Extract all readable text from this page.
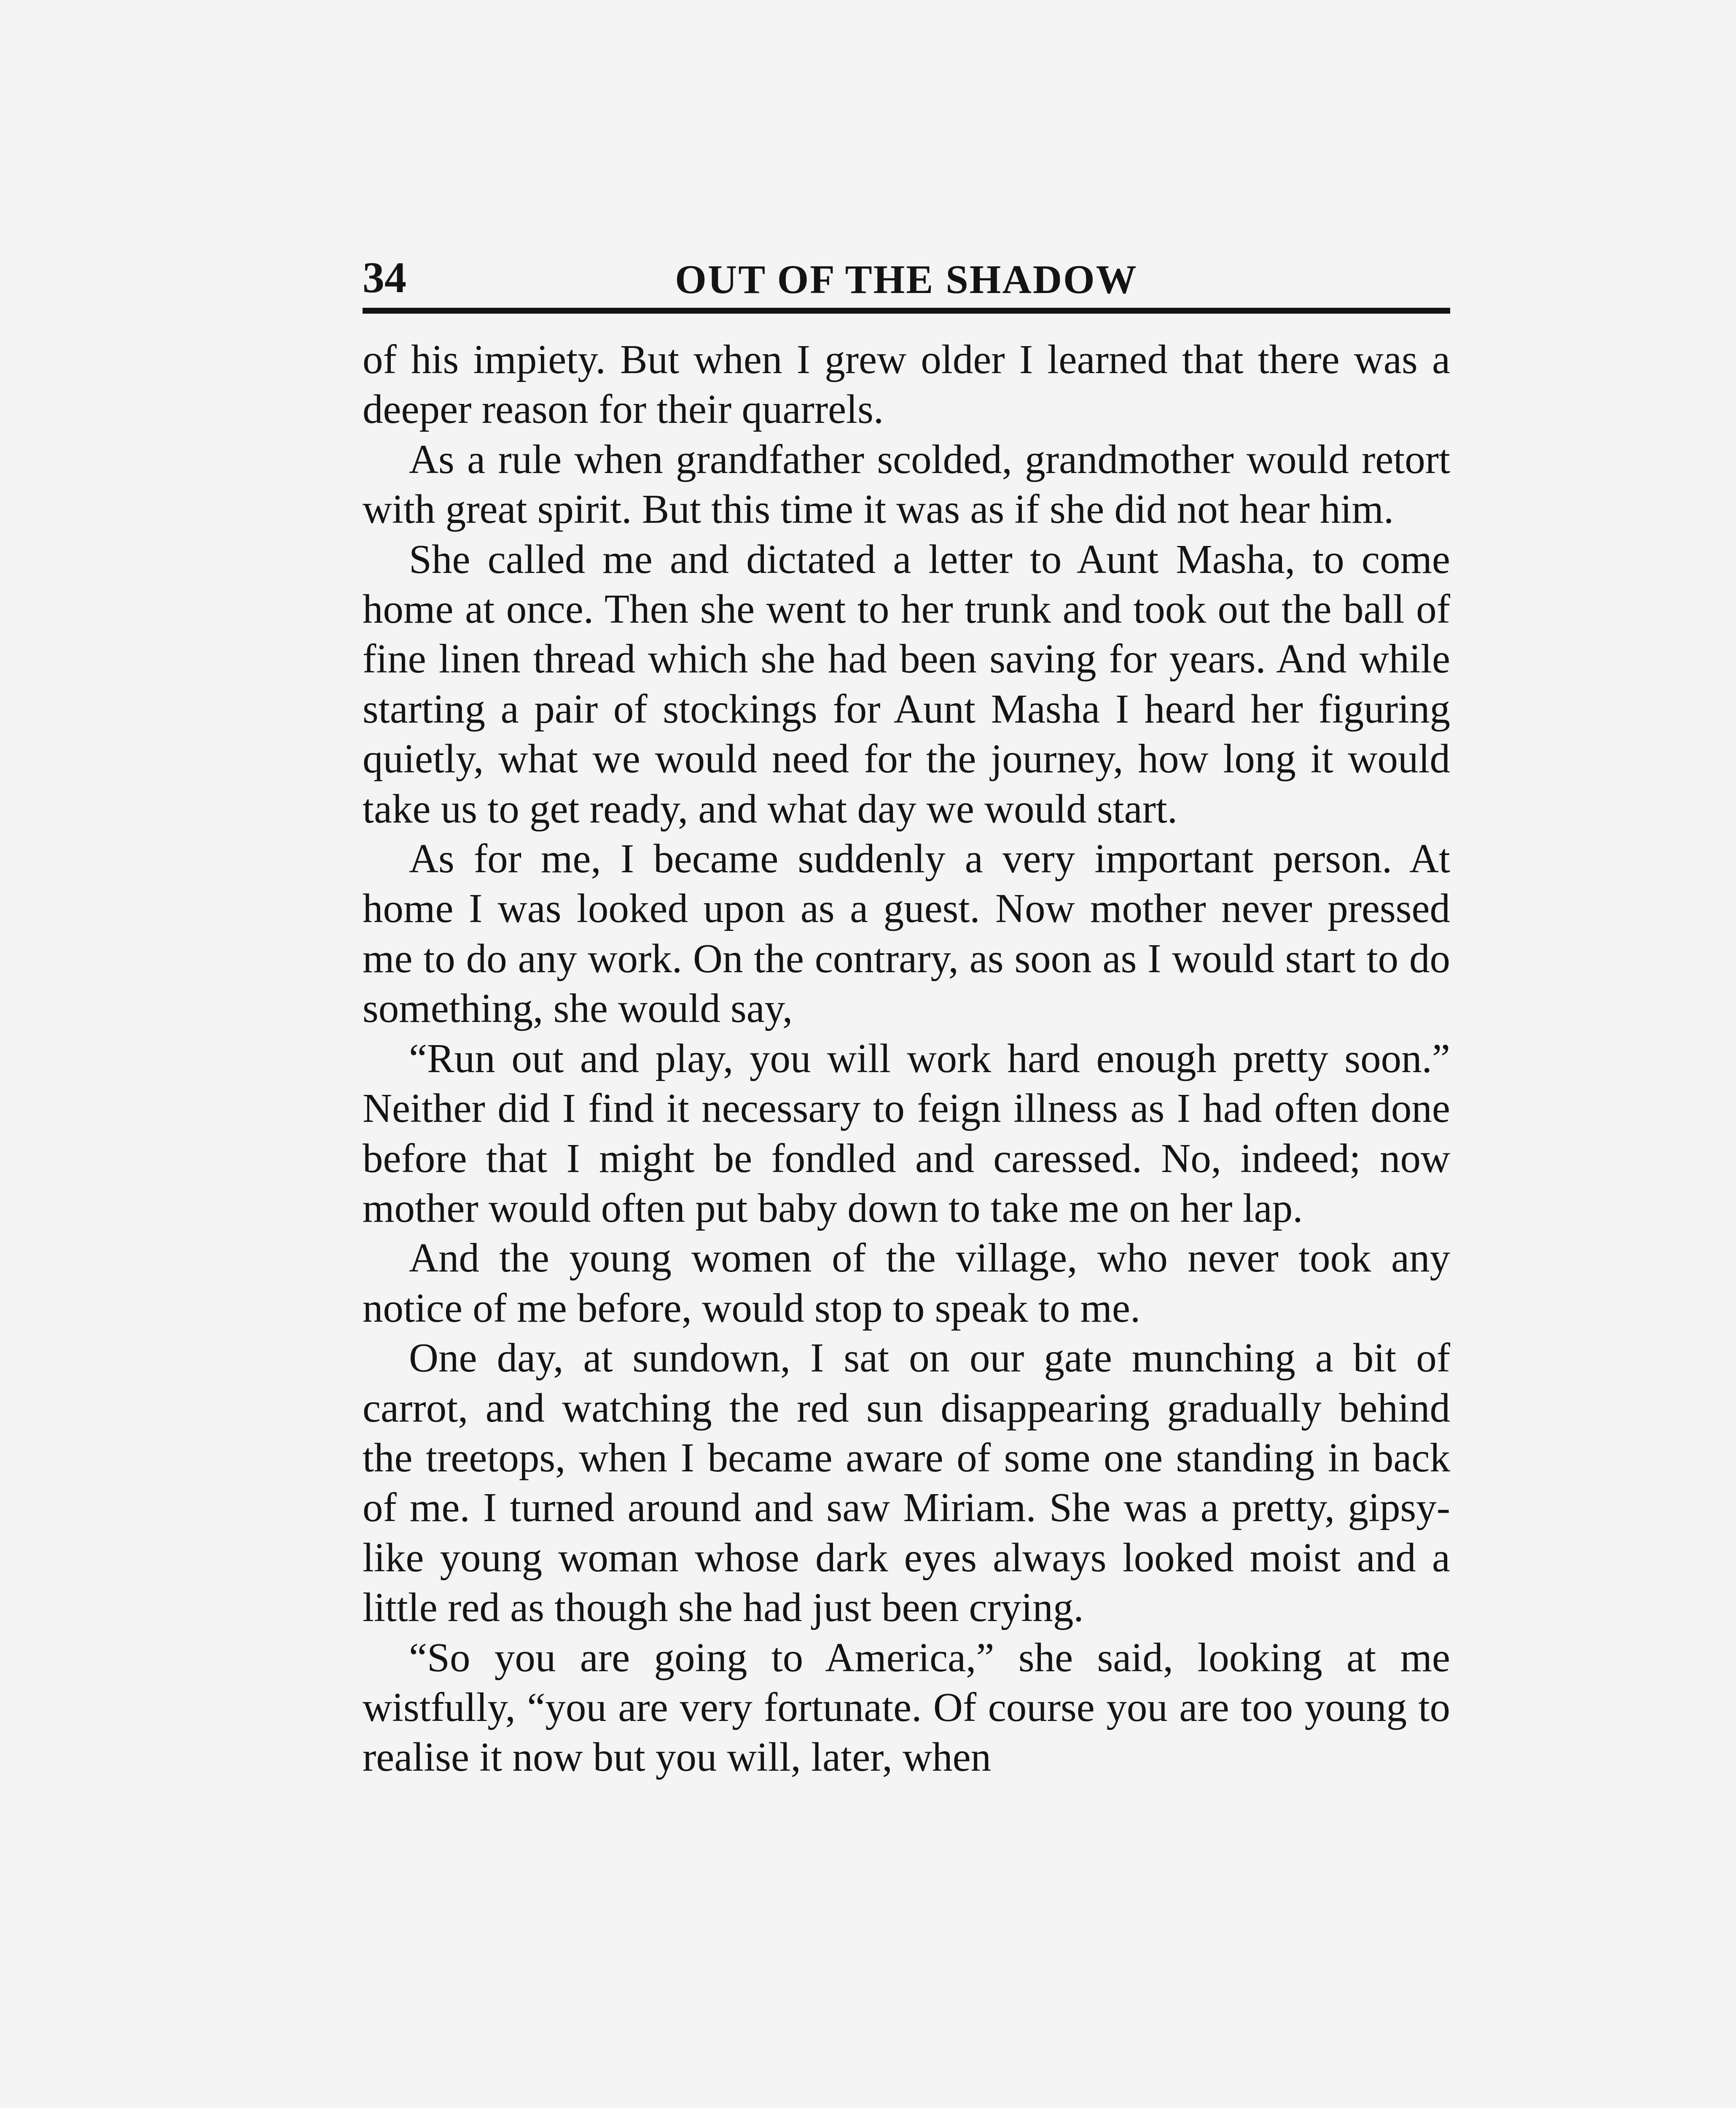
34	OUT OF THE SHADOW

of his impiety. But when I grew older I learned that there was a deeper reason for their quarrels.

As a rule when grandfather scolded, grandmother would retort with great spirit. But this time it was as if she did not hear him.

She called me and dictated a letter to Aunt Masha, to come home at once. Then she went to her trunk and took out the ball of fine linen thread which she had been saving for years. And while starting a pair of stockings for Aunt Masha I heard her figuring quietly, what we would need for the journey, how long it would take us to get ready, and what day we would start.

As for me, I became suddenly a very important person. At home I was looked upon as a guest. Now mother never pressed me to do any work. On the contrary, as soon as I would start to do something, she would say,

“Run out and play, you will work hard enough pretty soon.” Neither did I find it necessary to feign illness as I had often done before that I might be fondled and caressed. No, indeed; now mother would often put baby down to take me on her lap.

And the young women of the village, who never took any notice of me before, would stop to speak to me.

One day, at sundown, I sat on our gate munching a bit of carrot, and watching the red sun disappearing gradually behind the treetops, when I became aware of some one standing in back of me. I turned around and saw Miriam. She was a pretty, gipsy-like young woman whose dark eyes always looked moist and a little red as though she had just been crying.

“So you are going to America,” she said, looking at me wistfully, “you are very fortunate. Of course you are too young to realise it now but you will, later, when
